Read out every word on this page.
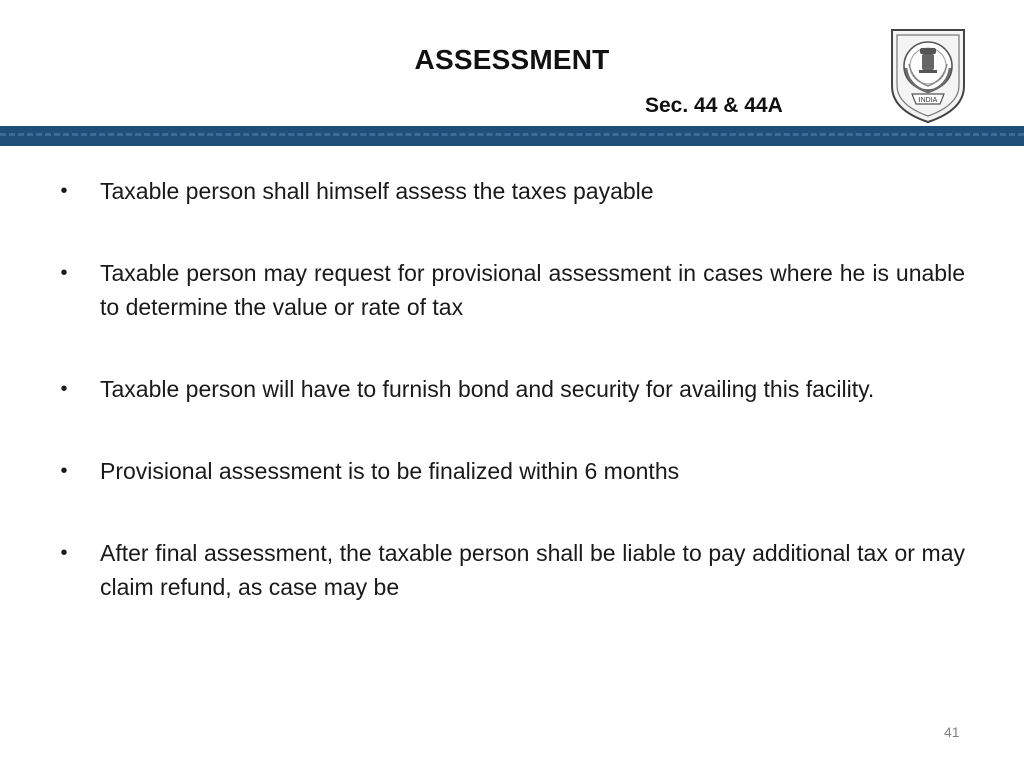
ASSESSMENT
Sec. 44 & 44A	INDIA
• Taxable person shall himself assess the taxes payable
• Taxable person may request for provisional assessment in cases where he is unable to determine the value or rate of tax
• Taxable person will have to furnish bond and security for availing this facility.
• Provisional assessment is to be finalized within 6 months
• After final assessment, the taxable person shall be liable to pay additional tax or may claim refund, as case may be
41
